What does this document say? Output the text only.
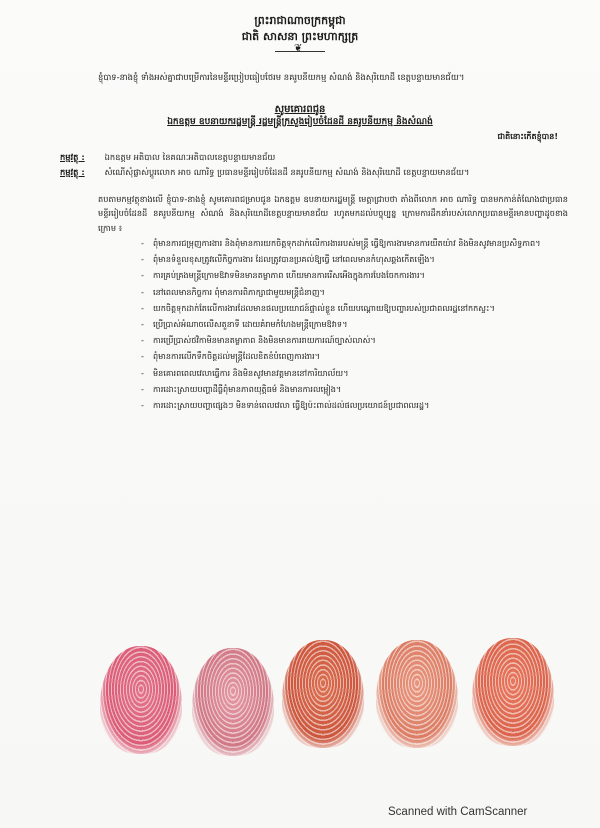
ព្រះរាជាណាចក្រកម្ពុជា
ជាតិ សាសនា ព្រះមហាក្សត្រ
❦
ខ្ញុំបាទ-នាងខ្ញុំ ទាំងអស់គ្នាជាបម្រើការនៃមន្ទីរប្រៀបធៀបថែរម នគរូបនីយកម្ម សំណង់ និងសុរិយោដី ខេត្តបន្ទាយមានជ័យ។
សូមគោរពជូន
ឯកឧត្តម ឧបនាយករដ្ឋមន្ត្រី រដ្ឋមន្ត្រីក្រសួងរៀបចំដែនដី នគរូបនីយកម្ម និងសំណង់
ជាតិនោះកើតខ្ញុំបាន!
កម្មវត្ថុ : ឯកឧត្តម អតិបាល នៃគណៈអតិបាលខេត្តបន្ទាយមានជ័យ
កម្មវត្ថុ : សំណើសុំផ្លាស់ប្តូរលោក អាច ណារិទ្ធ ប្រធានមន្ទីររៀបចំដែនដី នគរូបនីយកម្ម សំណង់ និងសុរិយោដី ខេត្តបន្ទាយមានជ័យ។
តបតាមកម្មវត្ថុខាងលើ ខ្ញុំបាទ-នាងខ្ញុំ សូមគោរពជម្រាបជូន ឯកឧត្តម ឧបនាយករដ្ឋមន្ត្រី មេត្តាជ្រាបថា តាំងពីលោក អាច ណារិទ្ធ បានមកកាន់តំណែងជាប្រធានមន្ទីររៀបចំដែនដី នគរូបនីយកម្ម សំណង់ និងសុរិយោដីខេត្តបន្ទាយមានជ័យ រហូតមកដល់បច្ចុប្បន្ន ក្រោមការដឹកនាំរបស់លោកប្រធានមន្ទីរមានបញ្ហាដូចខាងក្រោម ៖
- ពុំមានការជម្រុញការងារ និងពុំមានការយកចិត្តទុកដាក់លើការងាររបស់មន្ត្រី ធ្វើឱ្យការងារមានការយឺតយ៉ាវ និងមិនសូវមានប្រសិទ្ធភាព។
- ពុំមានទំនួលខុសត្រូវលើកិច្ចការងារ ដែលត្រូវបានប្រគល់ឱ្យធ្វើ នៅពេលមានកំហុសឆ្គងកើតឡើង។
- ការគ្រប់គ្រងមន្ត្រីក្រោមឱវាទមិនមានតម្លាភាព ហើយមានការរើសអើងក្នុងការបែងចែកការងារ។
- នៅពេលមានកិច្ចការ ពុំមានការពិភាក្សាជាមួយមន្ត្រីជំនាញ។
- យកចិត្តទុកដាក់តែលើការងារដែលមានផលប្រយោជន៍ផ្ទាល់ខ្លួន ហើយបណ្តោយឱ្យបញ្ហារបស់ប្រជាពលរដ្ឋនៅកកស្ទះ។
- ប្រើប្រាស់អំណាចលើសតួនាទី ដោយគំរាមកំហែងមន្ត្រីក្រោមឱវាទ។
- ការប្រើប្រាស់ថវិកាមិនមានតម្លាភាព និងមិនមានការរាយការណ៍ច្បាស់លាស់។
- ពុំមានការលើកទឹកចិត្តដល់មន្ត្រីដែលខិតខំបំពេញការងារ។
- មិនគោរពពេលវេលាធ្វើការ និងមិនសូវមានវត្តមាននៅការិយាល័យ។
- ការដោះស្រាយបញ្ហាដីធ្លីពុំមានភាពយុត្តិធម៌ និងមានការលម្អៀង។
- ការដោះស្រាយបញ្ហាផ្សេងៗ មិនទាន់ពេលវេលា ធ្វើឱ្យប៉ះពាល់ដល់ផលប្រយោជន៍ប្រជាពលរដ្ឋ។
Scanned with CamScanner
